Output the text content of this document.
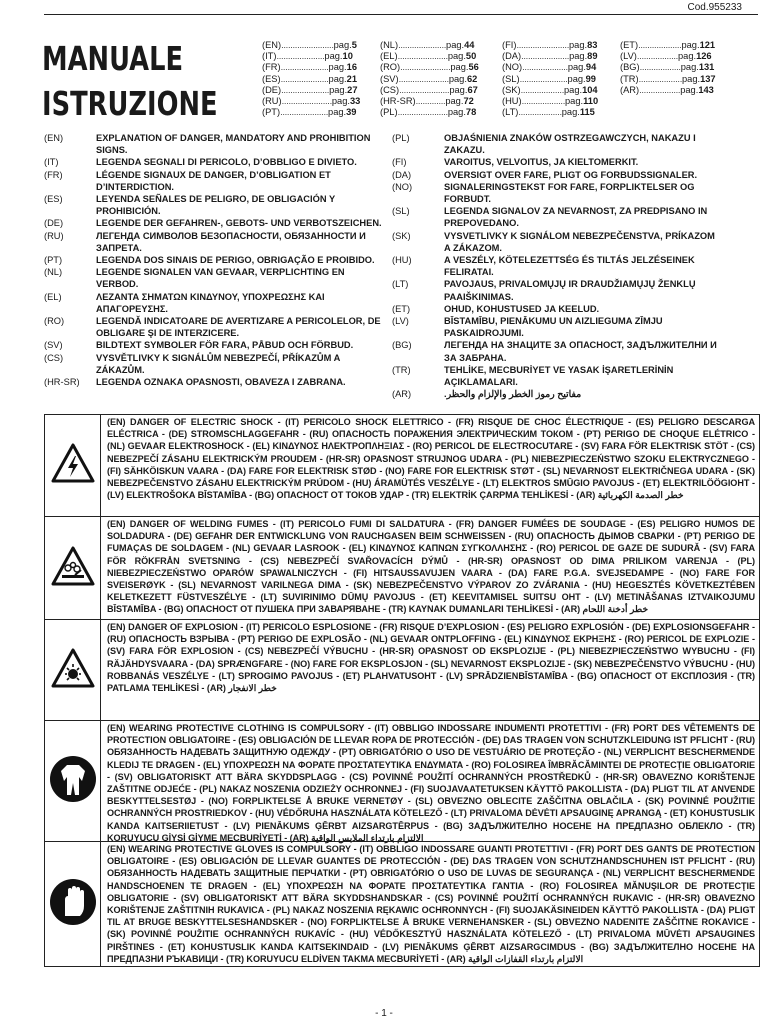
Cod.955233
MANUALE
ISTRUZIONE
(EN) ....................... pag. 5
(IT) ..................... pag. 10
(FR) ..................... pag. 16
(ES) ..................... pag. 21
(DE) ..................... pag. 27
(RU) ...................... pag. 33
(PT) ..................... pag. 39
(NL) ..................... pag. 44
(EL) ...................... pag. 50
(RO) ...................... pag. 56
(SV) ...................... pag. 62
(CS) ...................... pag. 67
(HR-SR) ............. pag. 72
(PL) ...................... pag. 78
(FI) ....................... pag. 83
(DA) ..................... pag. 89
(NO) .................... pag. 94
(SL) ..................... pag. 99
(SK) ................... pag. 104
(HU) ................... pag. 110
(LT) ................... pag. 115
(ET) ................... pag. 121
(LV) .................. pag. 126
(BG) .................. pag. 131
(TR) ................... pag. 137
(AR) .................. pag. 143
(EN)	EXPLANATION OF DANGER, MANDATORY AND PROHIBITION SIGNS.
(IT)	LEGENDA SEGNALI DI PERICOLO, D’OBBLIGO E DIVIETO.
(FR)	LÉGENDE SIGNAUX DE DANGER, D’OBLIGATION ET D’INTERDICTION.
(ES)	LEYENDA SEÑALES DE PELIGRO, DE OBLIGACIÓN Y PROHIBICIÓN.
(DE)	LEGENDE DER GEFAHREN-, GEBOTS- UND VERBOTSZEICHEN.
(RU)	ЛЕГЕНДА СИМВОЛОВ БЕЗОПАСНОСТИ, ОБЯЗАННОСТИ И ЗАПРЕТА.
(PT)	LEGENDA DOS SINAIS DE PERIGO, OBRIGAÇÃO E PROIBIDO.
(NL)	LEGENDE SIGNALEN VAN GEVAAR, VERPLICHTING EN VERBOD.
(EL)	ΛΕΖΑΝΤΑ ΣΗΜΑΤΩΝ ΚΙΝΔΥΝΟΥ, ΥΠΟΧΡΕΩΣΗΣ ΚΑΙ ΑΠΑΓΟΡΕΥΣΗΣ.
(RO)	LEGENDĂ INDICATOARE DE AVERTIZARE A PERICOLELOR, DE OBLIGARE ŞI DE INTERZICERE.
(SV)	BILDTEXT SYMBOLER FÖR FARA, PÅBUD OCH FÖRBUD.
(CS)	VYSVĚTLIVKY K SIGNÁLŮM NEBEZPEČÍ, PŘÍKAZŮM A ZÁKAZŮM.
(HR-SR)	LEGENDA OZNAKA OPASNOSTI, OBAVEZA I ZABRANA.
(PL)	OBJAŚNIENIA ZNAKÓW OSTRZEGAWCZYCH, NAKAZU I ZAKAZU.
(FI)	VAROITUS, VELVOITUS, JA KIELTOMERKIT.
(DA)	OVERSIGT OVER FARE, PLIGT OG FORBUDSSIGNALER.
(NO)	SIGNALERINGSTEKST FOR FARE, FORPLIKTELSER OG FORBUDT.
(SL)	LEGENDA SIGNALOV ZA NEVARNOST, ZA PREDPISANO IN PREPOVEDANO.
(SK)	VYSVETLIVKY K SIGNÁLOM NEBEZPEČENSTVA, PRÍKAZOM A ZÁKAZOM.
(HU)	A VESZÉLY, KÖTELEZETTSÉG ÉS TILTÁS JELZÉSEINEK FELIRATAI.
(LT)	PAVOJAUS, PRIVALOMŲJŲ IR DRAUDŽIAMŲJŲ ŽENKLŲ PAAIŠKINIMAS.
(ET)	OHUD, KOHUSTUSED JA KEELUD.
(LV)	BĪSTAMĪBU, PIENĀKUMU UN AIZLIEGUMA ZĪMJU PASKAIDROJUMI.
(BG)	ЛЕГЕНДА НА ЗНАЦИТЕ ЗА ОПАСНОСТ, ЗАДЪЛЖИТЕЛНИ И ЗА ЗАБРАНА.
(TR)	TEHLİKE, MECBURİYET VE YASAK İŞARETLERİNİN AÇIKLAMALARI.
(AR)	مفاتيح رموز الخطر والإلزام والحظر.
(EN) DANGER OF ELECTRIC SHOCK - (IT) PERICOLO SHOCK ELETTRICO - (FR) RISQUE DE CHOC ÉLECTRIQUE - (ES) PELIGRO DESCARGA ELÉCTRICA - (DE) STROMSCHLAGGEFAHR - (RU) ОПАСНОСТЬ ПОРАЖЕНИЯ ЭЛЕКТРИЧЕСКИМ ТОКОМ - (PT) PERIGO DE CHOQUE ELÉTRICO - (NL) GEVAAR ELEKTROSHOCK - (EL) ΚΙΝΔΥΝΟΣ ΗΛΕΚΤΡΟΠΛΗΞΙΑΣ - (RO) PERICOL DE ELECTROCUTARE - (SV) FARA FÖR ELEKTRISK STÖT - (CS) NEBEZPEČÍ ZÁSAHU ELEKTRICKÝM PROUDEM - (HR-SR) OPASNOST STRUJNOG UDARA - (PL) NIEBEZPIECZEŃSTWO SZOKU ELEKTRYCZNEGO - (FI) SÄHKÖISKUN VAARA - (DA) FARE FOR ELEKTRISK STØD - (NO) FARE FOR ELEKTRISK STØT - (SL) NEVARNOST ELEKTRIČNEGA UDARA - (SK) NEBEZPEČENSTVO ZÁSAHU ELEKTRICKÝM PRÚDOM - (HU) ÁRAMÜTÉS VESZÉLYE - (LT) ELEKTROS SMŪGIO PAVOJUS - (ET) ELEKTRILÖÖGIOHT - (LV) ELEKTROŠOKA BĪSTAMĪBA - (BG) ОПАСНОСТ ОТ ТОКОВ УДАР - (TR) ELEKTRİK ÇARPMA TEHLİKESİ - (AR) خطر الصدمة الكهربائية
(EN) DANGER OF WELDING FUMES - (IT) PERICOLO FUMI DI SALDATURA - (FR) DANGER FUMÉES DE SOUDAGE - (ES) PELIGRO HUMOS DE SOLDADURA - (DE) GEFAHR DER ENTWICKLUNG VON RAUCHGASEN BEIM SCHWEISSEN - (RU) ОПАСНОСТЬ ДЫМОВ СВАРКИ - (PT) PERIGO DE FUMAÇAS DE SOLDAGEM - (NL) GEVAAR LASROOK - (EL) ΚΙΝΔΥΝΟΣ ΚΑΠΝΩΝ ΣΥΓΚΟΛΛΗΣΗΣ - (RO) PERICOL DE GAZE DE SUDURĂ - (SV) FARA FÖR RÖKFRÅN SVETSNING - (CS) NEBEZPEČÍ SVAŘOVACÍCH DÝMŮ - (HR-SR) OPASNOST OD DIMA PRILIKOM VARENJA - (PL) NIEBEZPIECZEŃSTWO OPARÓW SPAWALNICZYCH - (FI) HITSAUSSAVUJEN VAARA - (DA) FARE P.G.A. SVEJSEDAMPE - (NO) FARE FOR SVEISERØYK - (SL) NEVARNOST VARILNEGA DIMA - (SK) NEBEZPEČENSTVO VÝPAROV ZO ZVÁRANIA - (HU) HEGESZTÉS KÖVETKEZTÉBEN KELETKEZETT FÜSTVESZÉLYE - (LT) SUVIRINIMO DŪMŲ PAVOJUS - (ET) KEEVITAMISEL SUITSU OHT - (LV) METINĀŠANAS IZTVAIKOJUMU BĪSTAMĪBA - (BG) ОПАСНОСТ ОТ ПУШЕКА ПРИ ЗАВАРЯВАНЕ - (TR) KAYNAK DUMANLARI TEHLİKESİ - (AR) خطر أدخنة اللحام
(EN) DANGER OF EXPLOSION - (IT) PERICOLO ESPLOSIONE - (FR) RISQUE D’EXPLOSION - (ES) PELIGRO EXPLOSIÓN - (DE) EXPLOSIONSGEFAHR - (RU) ОПАСНОСТЬ ВЗРЫВА - (PT) PERIGO DE EXPLOSÃO - (NL) GEVAAR ONTPLOFFING - (EL) ΚΙΝΔΥΝΟΣ ΕΚΡΗΞΗΣ - (RO) PERICOL DE EXPLOZIE - (SV) FARA FÖR EXPLOSION - (CS) NEBEZPEČÍ VÝBUCHU - (HR-SR) OPASNOST OD EKSPLOZIJE - (PL) NIEBEZPIECZEŃSTWO WYBUCHU - (FI) RÄJÄHDYSVAARA - (DA) SPRÆNGFARE - (NO) FARE FOR EKSPLOSJON - (SL) NEVARNOST EKSPLOZIJE - (SK) NEBEZPEČENSTVO VÝBUCHU - (HU) ROBBANÁS VESZÉLYE - (LT) SPROGIMO PAVOJUS - (ET) PLAHVATUSOHT - (LV) SPRĀDZIENBĪSTAMĪBA - (BG) ОПАСНОСТ ОТ ЕКСПЛОЗИЯ - (TR) PATLAMA TEHLİKESİ - (AR) خطر الانفجار
(EN) WEARING PROTECTIVE CLOTHING IS COMPULSORY - (IT) OBBLIGO INDOSSARE INDUMENTI PROTETTIVI - (FR) PORT DES VÊTEMENTS DE PROTECTION OBLIGATOIRE - (ES) OBLIGACIÓN DE LLEVAR ROPA DE PROTECCIÓN - (DE) DAS TRAGEN VON SCHUTZKLEIDUNG IST PFLICHT - (RU) ОБЯЗАННОСТЬ НАДЕВАТЬ ЗАЩИТНУЮ ОДЕЖДУ - (PT) OBRIGATÓRIO O USO DE VESTUÁRIO DE PROTEÇÃO - (NL) VERPLICHT BESCHERMENDE KLEDIJ TE DRAGEN - (EL) ΥΠΟΧΡΕΩΣΗ ΝΑ ΦΟΡΑΤΕ ΠΡΟΣΤΑΤΕΥΤΙΚΑ ΕΝΔΥΜΑΤΑ - (RO) FOLOSIREA ÎMBRĂCĂMINTEI DE PROTECŢIE OBLIGATORIE - (SV) OBLIGATORISKT ATT BÄRA SKYDDSPLAGG - (CS) POVINNÉ POUŽITÍ OCHRANNÝCH PROSTŘEDKŮ - (HR-SR) OBAVEZNO KORIŠTENJE ZAŠTITNE ODJEĆE - (PL) NAKAZ NOSZENIA ODZIEŻY OCHRONNEJ - (FI) SUOJAVAATETUKSEN KÄYTTÖ PAKOLLISTA - (DA) PLIGT TIL AT ANVENDE BESKYTTELSESTØJ - (NO) FORPLIKTELSE Å BRUKE VERNETØY - (SL) OBVEZNO OBLECITE ZAŠČITNA OBLAČILA - (SK) POVINNÉ POUŽITIE OCHRANNÝCH PROSTRIEDKOV - (HU) VÉDŐRUHA HASZNÁLATA KÖTELEZŐ - (LT) PRIVALOMA DĖVĖTI APSAUGINĘ APRANGĄ - (ET) KOHUSTUSLIK KANDA KAITSERIIETUST - (LV) PIENĀKUMS ĢĒRBT AIZSARGTĒRPUS - (BG) ЗАДЪЛЖИТЕЛНО НОСЕНЕ НА ПРЕДПАЗНО ОБЛЕКЛО - (TR) KORUYUCU GİYSİ GİYME MECBURİYETİ - (AR) الالتزام بارتداء الملابس الواقية
(EN) WEARING PROTECTIVE GLOVES IS COMPULSORY - (IT) OBBLIGO INDOSSARE GUANTI PROTETTIVI - (FR) PORT DES GANTS DE PROTECTION OBLIGATOIRE - (ES) OBLIGACIÓN DE LLEVAR GUANTES DE PROTECCIÓN - (DE) DAS TRAGEN VON SCHUTZHANDSCHUHEN IST PFLICHT - (RU) ОБЯЗАННОСТЬ НАДЕВАТЬ ЗАЩИТНЫЕ ПЕРЧАТКИ - (PT) OBRIGATÓRIO O USO DE LUVAS DE SEGURANÇA - (NL) VERPLICHT BESCHERMENDE HANDSCHOENEN TE DRAGEN - (EL) ΥΠΟΧΡΕΩΣΗ ΝΑ ΦΟΡΑΤΕ ΠΡΟΣΤΑΤΕΥΤΙΚΑ ΓΑΝΤΙΑ - (RO) FOLOSIREA MĂNUŞILOR DE PROTECŢIE OBLIGATORIE - (SV) OBLIGATORISKT ATT BÄRA SKYDDSHANDSKAR - (CS) POVINNÉ POUŽITÍ OCHRANNÝCH RUKAVIC - (HR-SR) OBAVEZNO KORIŠTENJE ZAŠTITNIH RUKAVICA - (PL) NAKAZ NOSZENIA RĘKAWIC OCHRONNYCH - (FI) SUOJAKÄSINEIDEN KÄYTTÖ PAKOLLISTA - (DA) PLIGT TIL AT BRUGE BESKYTTELSESHANDSKER - (NO) FORPLIKTELSE Å BRUKE VERNEHANSKER - (SL) OBVEZNO NADENITE ZAŠČITNE ROKAVICE - (SK) POVINNÉ POUŽITIE OCHRANNÝCH RUKAVÍC - (HU) VÉDŐKESZTYŰ HASZNÁLATA KÖTELEZŐ - (LT) PRIVALOMA MŪVĖTI APSAUGINES PIRŠTINES - (ET) KOHUSTUSLIK KANDA KAITSEKINDAID - (LV) PIENĀKUMS ĢĒRBT AIZSARGCIMDUS - (BG) ЗАДЪЛЖИТЕЛНО НОСЕНЕ НА ПРЕДПАЗНИ РЪКАВИЦИ - (TR) KORUYUCU ELDİVEN TAKMA MECBURİYETİ - (AR) الالتزام بارتداء القفازات الواقية
- 1 -
